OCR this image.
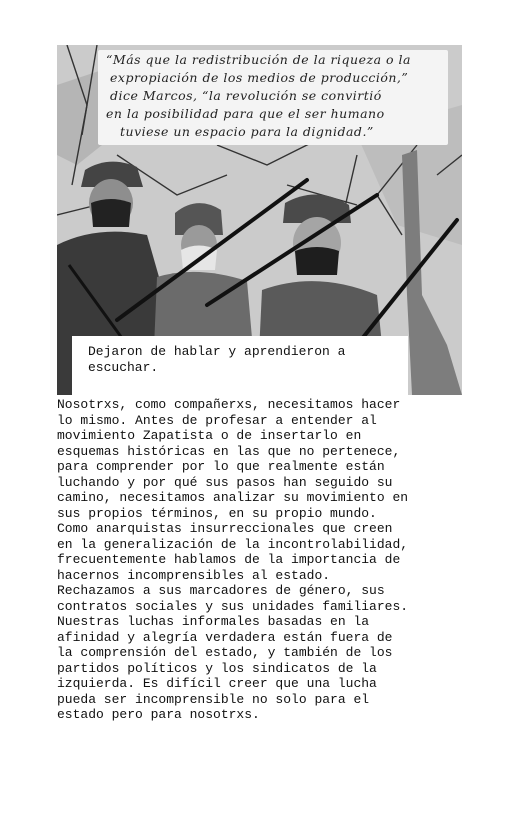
“Más que la redistribución de la riqueza o la
expropiación de los medios de producción,”
dice Marcos, “la revolución se convirtió
en la posibilidad para que el ser humano
tuviese un espacio para la dignidad.”

Dejaron de hablar y aprendieron a escuchar.

Nosotrxs, como compañerxs, necesitamos hacer
lo mismo. Antes de profesar a entender al
movimiento Zapatista o de insertarlo en
esquemas históricas en las que no pertenece,
para comprender por lo que realmente están
luchando y por qué sus pasos han seguido su
camino, necesitamos analizar su movimiento en
sus propios términos, en su propio mundo.
Como anarquistas insurreccionales que creen
en la generalización de la incontrolabilidad,
frecuentemente hablamos de la importancia de
hacernos incomprensibles al estado.
Rechazamos a sus marcadores de género, sus
contratos sociales y sus unidades familiares.
Nuestras luchas informales basadas en la
afinidad y alegría verdadera están fuera de
la comprensión del estado, y también de los
partidos políticos y los sindicatos de la
izquierda. Es difícil creer que una lucha
pueda ser incomprensible no solo para el
estado pero para nosotrxs.
